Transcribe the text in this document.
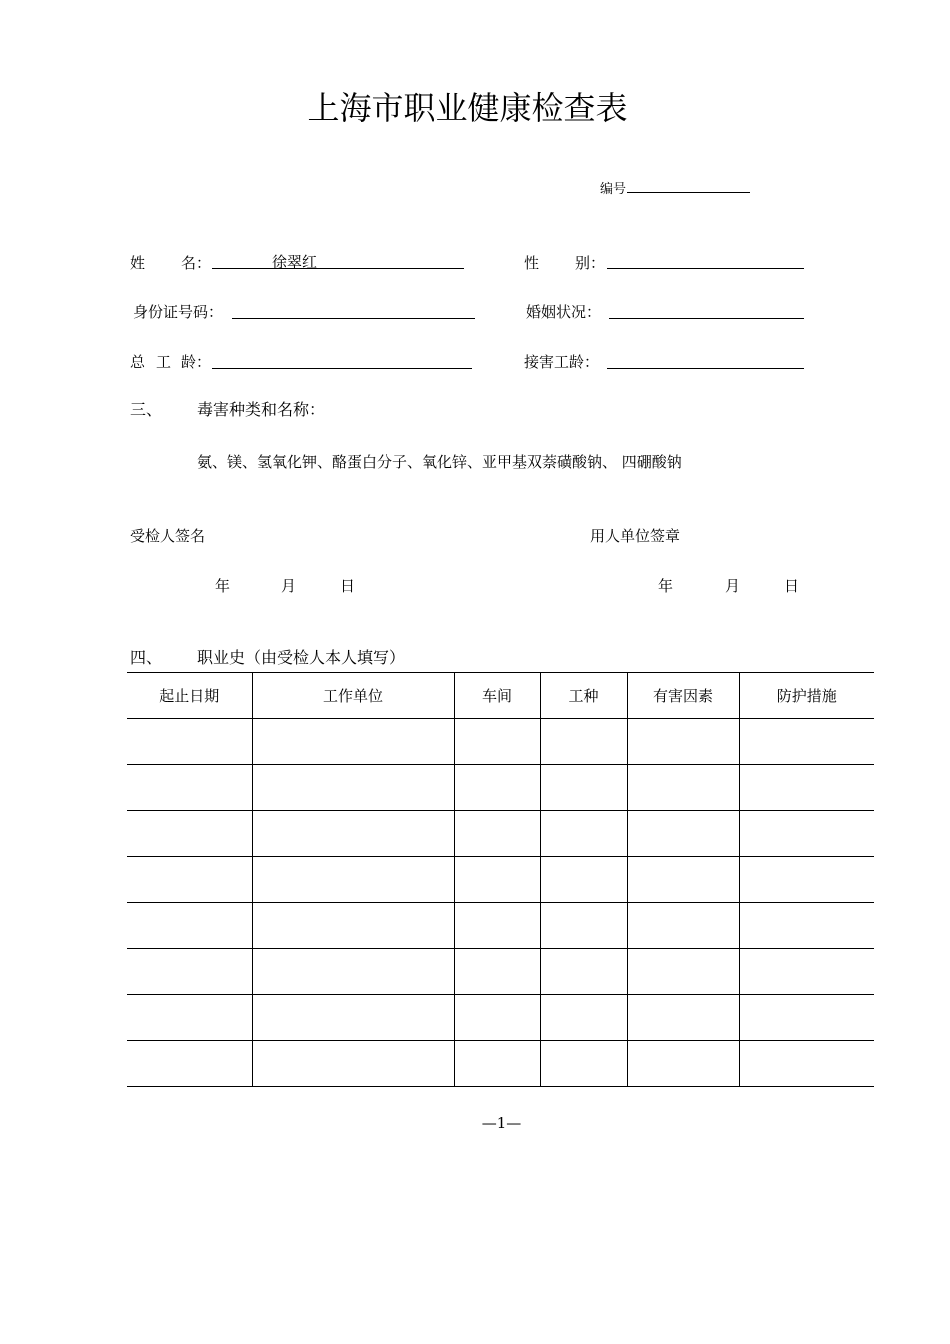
上海市职业健康检查表
编号
姓 名：	徐翠红	性 别：
身份证号码：	婚姻状况：
总 工 龄：	接害工龄：
三、 毒害种类和名称：
氨、镁、氢氧化钾、酪蛋白分子、氧化锌、亚甲基双萘磺酸钠、 四硼酸钠
受检人签名	用人单位签章
年	月	日	年	月	日
四、 职业史（由受检人本人填写）
起止日期	工作单位	车间	工种	有害因素	防护措施

—1—
